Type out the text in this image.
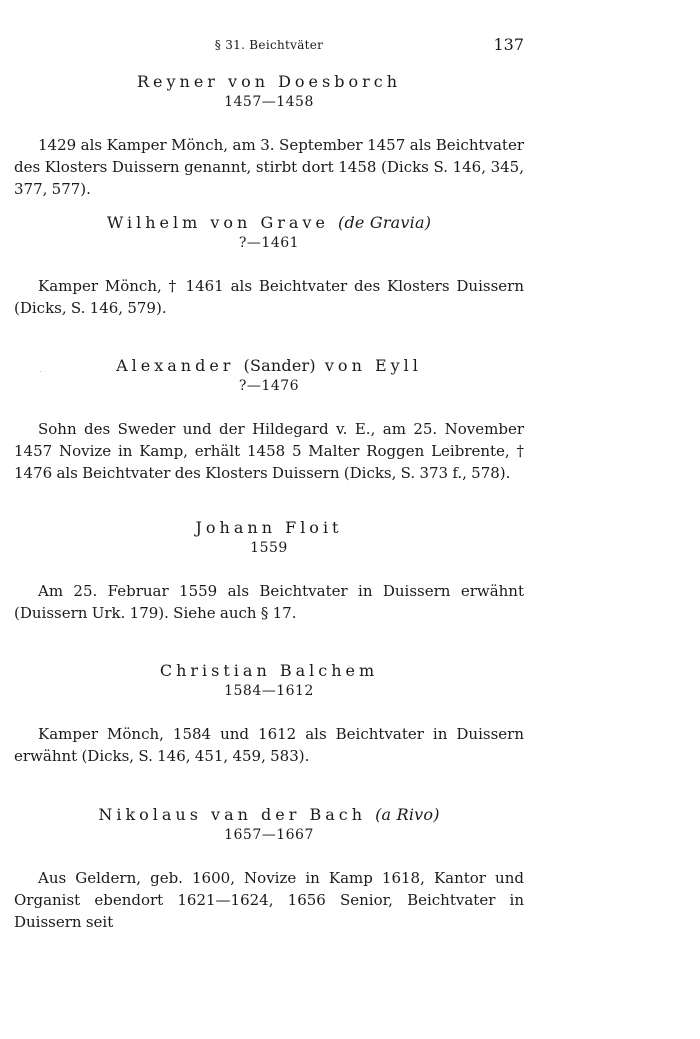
§ 31. Beichtväter	137
Reyner von Doesborch
1457—1458
1429 als Kamper Mönch, am 3. September 1457 als Beichtvater des Klosters Duissern genannt, stirbt dort 1458 (Dicks S. 146, 345, 377, 577).
Wilhelm von Grave (de Gravia)
?—1461
Kamper Mönch, † 1461 als Beichtvater des Klosters Duissern (Dicks, S. 146, 579).
Alexander (Sander) von Eyll
?—1476
Sohn des Sweder und der Hildegard v. E., am 25. November 1457 Novize in Kamp, erhält 1458 5 Malter Roggen Leibrente, † 1476 als Beichtvater des Klosters Duissern (Dicks, S. 373 f., 578).
Johann Floit
1559
Am 25. Februar 1559 als Beichtvater in Duissern erwähnt (Duissern Urk. 179). Siehe auch § 17.
Christian Balchem
1584—1612
Kamper Mönch, 1584 und 1612 als Beichtvater in Duissern erwähnt (Dicks, S. 146, 451, 459, 583).
Nikolaus van der Bach (a Rivo)
1657—1667
Aus Geldern, geb. 1600, Novize in Kamp 1618, Kantor und Organist ebendort 1621—1624, 1656 Senior, Beichtvater in Duissern seit
